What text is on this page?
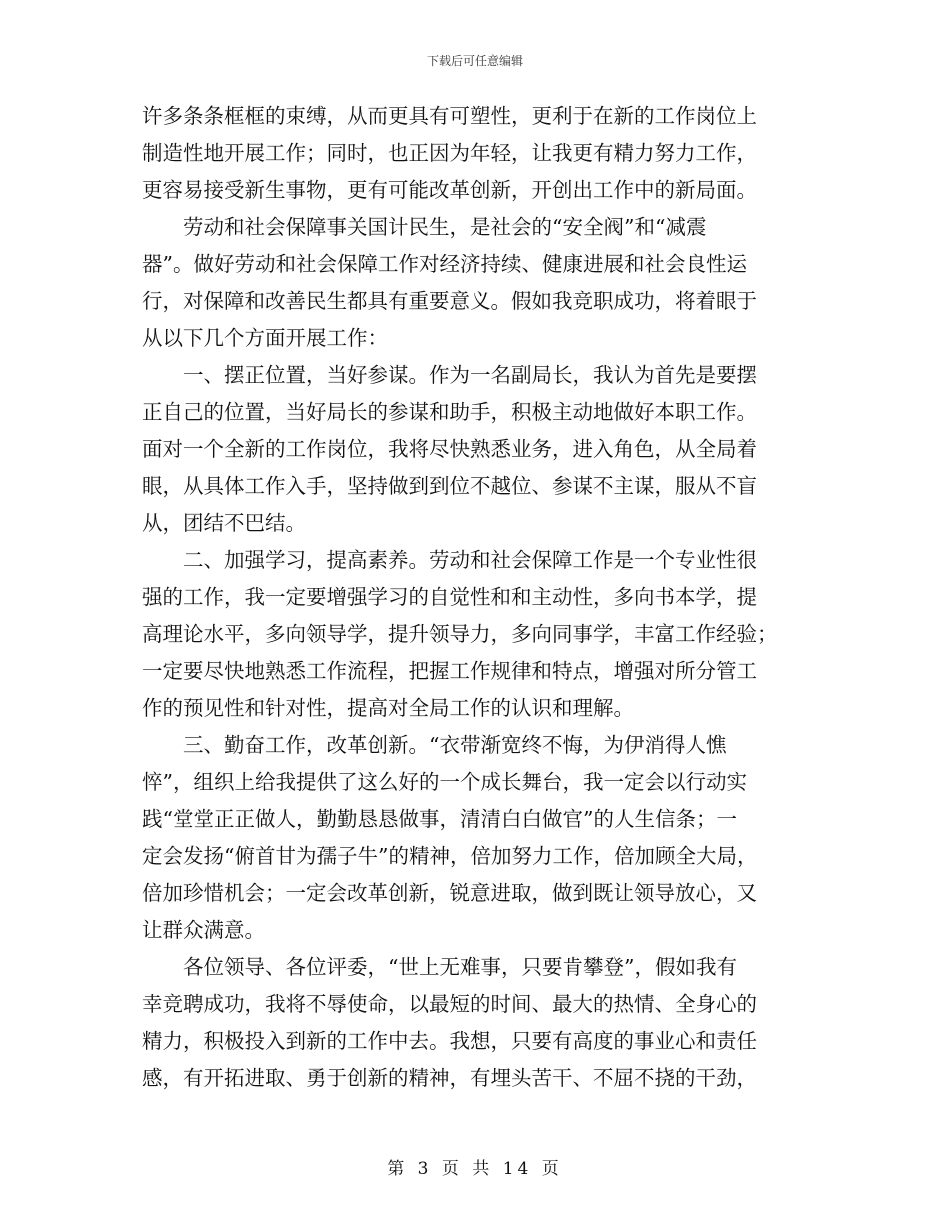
下载后可任意编辑
许多条条框框的束缚，从而更具有可塑性，更利于在新的工作岗位上
制造性地开展工作；同时，也正因为年轻，让我更有精力努力工作，
更容易接受新生事物，更有可能改革创新，开创出工作中的新局面。
劳动和社会保障事关国计民生，是社会的“安全阀”和“减震
器”。做好劳动和社会保障工作对经济持续、健康进展和社会良性运
行，对保障和改善民生都具有重要意义。假如我竞职成功，将着眼于
从以下几个方面开展工作：
一、摆正位置，当好参谋。作为一名副局长，我认为首先是要摆
正自己的位置，当好局长的参谋和助手，积极主动地做好本职工作。
面对一个全新的工作岗位，我将尽快熟悉业务，进入角色，从全局着
眼，从具体工作入手，坚持做到到位不越位、参谋不主谋，服从不盲
从，团结不巴结。
二、加强学习，提高素养。劳动和社会保障工作是一个专业性很
强的工作，我一定要增强学习的自觉性和和主动性，多向书本学，提
高理论水平，多向领导学，提升领导力，多向同事学，丰富工作经验；
一定要尽快地熟悉工作流程，把握工作规律和特点，增强对所分管工
作的预见性和针对性，提高对全局工作的认识和理解。
三、勤奋工作，改革创新。“衣带渐宽终不悔，为伊消得人憔
悴”，组织上给我提供了这么好的一个成长舞台，我一定会以行动实
践“堂堂正正做人，勤勤恳恳做事，清清白白做官”的人生信条；一
定会发扬“俯首甘为孺子牛”的精神，倍加努力工作，倍加顾全大局，
倍加珍惜机会；一定会改革创新，锐意进取，做到既让领导放心，又
让群众满意。
各位领导、各位评委，“世上无难事，只要肯攀登”，假如我有
幸竞聘成功，我将不辱使命，以最短的时间、最大的热情、全身心的
精力，积极投入到新的工作中去。我想，只要有高度的事业心和责任
感，有开拓进取、勇于创新的精神，有埋头苦干、不屈不挠的干劲，
第 3 页 共 14 页
